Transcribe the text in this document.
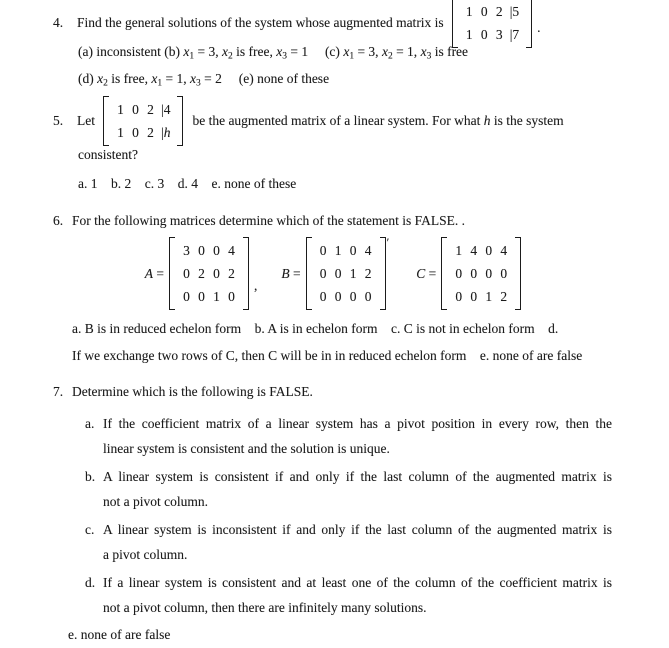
4.	Find the general solutions of the system whose augmented matrix is
1 0 2 |5
1 0 3 |7 .
(a) inconsistent (b) x1 = 3, x2 is free, x3 = 1     (c) x1 = 3, x2 = 1, x3 is free
(d) x2 is free, x1 = 1, x3 = 2     (e) none of these
5.	Let
1 0 2 |4
1 0 2 |h
be the augmented matrix of a linear system. For what h is the system
consistent?
a. 1    b. 2    c. 3    d. 4    e. none of these
6. For the following matrices determine which of the statement is FALSE. .
A =
3 0 0 4
0 2 0 2
0 0 1 0
,
B =
0 1 0 4
0 0 1 2
0 0 0 0
′
C =
1 4 0 4
0 0 0 0
0 0 1 2
a. B is in reduced echelon form    b. A is in echelon form    c. C is not in echelon form    d.
If we exchange two rows of C, then C will be in in reduced echelon form    e. none of are false
7. Determine which is the following is FALSE.
a. If the coefficient matrix of a linear system has a pivot position in every row, then the
linear system is consistent and the solution is unique.
b. A linear system is consistent if and only if the last column of the augmented matrix is
not a pivot column.
c. A linear system is inconsistent if and only if the last column of the augmented matrix is
a pivot column.
d. If a linear system is consistent and at least one of the column of the coefficient matrix is
not a pivot column, then there are infinitely many solutions.
e. none of are false
